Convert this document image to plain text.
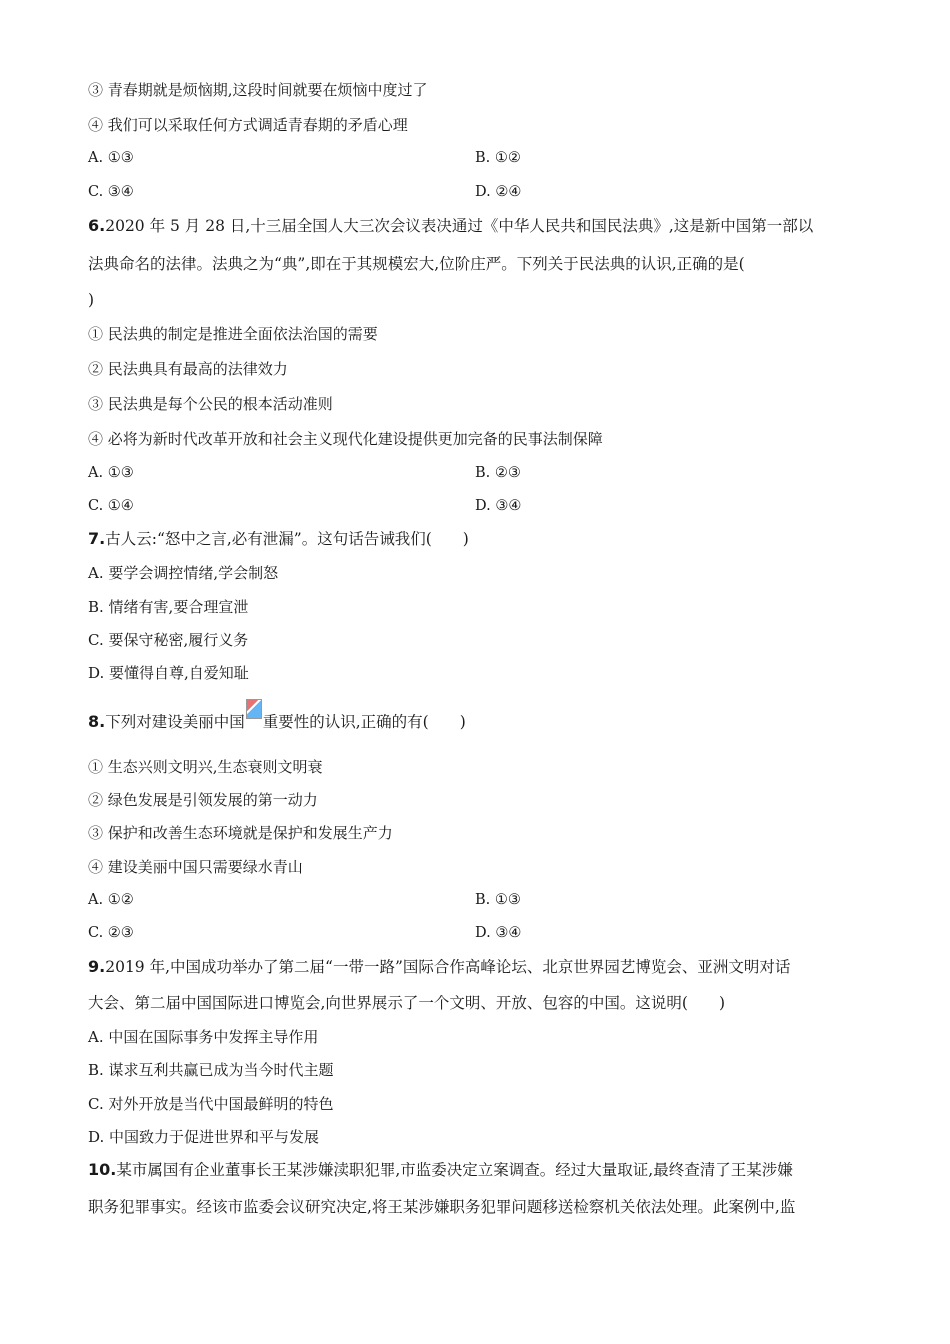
③ 青春期就是烦恼期,这段时间就要在烦恼中度过了
④ 我们可以采取任何方式调适青春期的矛盾心理
A. ①③	B. ①②
C. ③④	D. ②④
6.2020 年 5 月 28 日,十三届全国人大三次会议表决通过《中华人民共和国民法典》,这是新中国第一部以
法典命名的法律。法典之为“典”,即在于其规模宏大,位阶庄严。下列关于民法典的认识,正确的是(
)
① 民法典的制定是推进全面依法治国的需要
② 民法典具有最高的法律效力
③ 民法典是每个公民的根本活动准则
④ 必将为新时代改革开放和社会主义现代化建设提供更加完备的民事法制保障
A. ①③	B. ②③
C. ①④	D. ③④
7.古人云:“怒中之言,必有泄漏”。这句话告诫我们(　　)
A. 要学会调控情绪,学会制怒
B. 情绪有害,要合理宣泄
C. 要保守秘密,履行义务
D. 要懂得自尊,自爱知耻
8.下列对建设美丽中国 重要性的认识,正确的有(　　)
① 生态兴则文明兴,生态衰则文明衰
② 绿色发展是引领发展的第一动力
③ 保护和改善生态环境就是保护和发展生产力
④ 建设美丽中国只需要绿水青山
A. ①②	B. ①③
C. ②③	D. ③④
9.2019 年,中国成功举办了第二届“一带一路”国际合作高峰论坛、北京世界园艺博览会、亚洲文明对话
大会、第二届中国国际进口博览会,向世界展示了一个文明、开放、包容的中国。这说明(　　)
A. 中国在国际事务中发挥主导作用
B. 谋求互利共赢已成为当今时代主题
C. 对外开放是当代中国最鲜明的特色
D. 中国致力于促进世界和平与发展
10.某市属国有企业董事长王某涉嫌渎职犯罪,市监委决定立案调查。经过大量取证,最终查清了王某涉嫌
职务犯罪事实。经该市监委会议研究决定,将王某涉嫌职务犯罪问题移送检察机关依法处理。此案例中,监
